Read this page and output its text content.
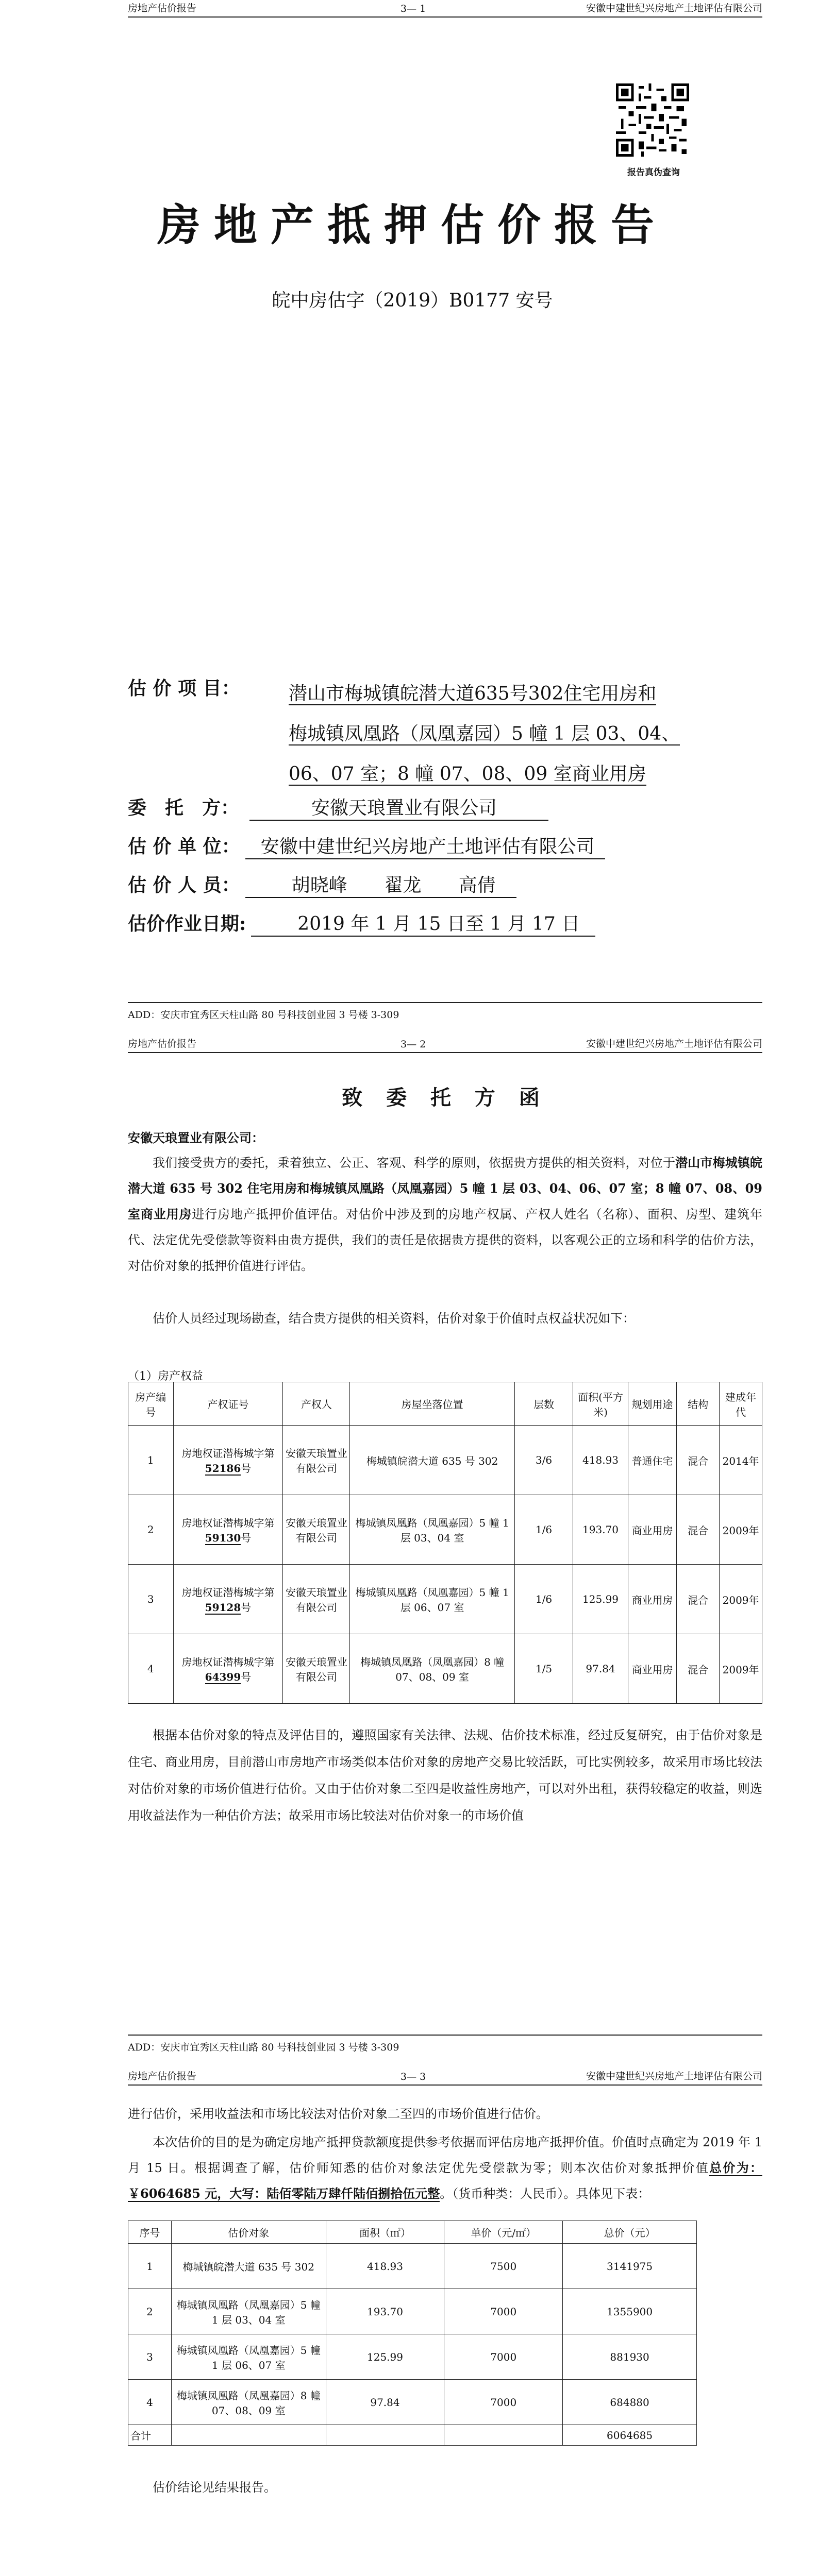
房地产估价报告	3— 1	安徽中建世纪兴房地产土地评估有限公司
报告真伪查询
房地产抵押估价报告
皖中房估字（2019）B0177 安号
估 价 项 目：	潜山市梅城镇皖潜大道635号302住宅用房和
梅城镇凤凰路（凤凰嘉园）5 幢 1 层 03、04、
06、07 室；8 幢 07、08、09 室商业用房
委　托　方：	安徽天琅置业有限公司
估 价 单 位：	安徽中建世纪兴房地产土地评估有限公司
估 价 人 员：	胡晓峰　　翟龙　　高倩
估价作业日期:	2019 年 1 月 15 日至 1 月 17 日
ADD：安庆市宜秀区天柱山路 80 号科技创业园 3 号楼 3-309
房地产估价报告	3— 2	安徽中建世纪兴房地产土地评估有限公司
致 委 托 方 函
安徽天琅置业有限公司：
我们接受贵方的委托，秉着独立、公正、客观、科学的原则，依据贵方提供的相关资料，对位于潜山市梅城镇皖潜大道 635 号 302 住宅用房和梅城镇凤凰路（凤凰嘉园）5 幢 1 层 03、04、06、07 室；8 幢 07、08、09 室商业用房进行房地产抵押价值评估。对估价中涉及到的房地产权属、产权人姓名（名称）、面积、房型、建筑年代、法定优先受偿款等资料由贵方提供，我们的责任是依据贵方提供的资料，以客观公正的立场和科学的估价方法，对估价对象的抵押价值进行评估。
估价人员经过现场勘查，结合贵方提供的相关资料，估价对象于价值时点权益状况如下：
（1）房产权益
房产编号	产权证号	产权人	房屋坐落位置	层数	面积(平方米)	规划用途	结构	建成年代
1	房地权证潜梅城字第52186号	安徽天琅置业有限公司	梅城镇皖潜大道 635 号 302	3/6	418.93	普通住宅	混合	2014年
2	房地权证潜梅城字第59130号	安徽天琅置业有限公司	梅城镇凤凰路（凤凰嘉园）5 幢 1 层 03、04 室	1/6	193.70	商业用房	混合	2009年
3	房地权证潜梅城字第59128号	安徽天琅置业有限公司	梅城镇凤凰路（凤凰嘉园）5 幢 1 层 06、07 室	1/6	125.99	商业用房	混合	2009年
4	房地权证潜梅城字第64399号	安徽天琅置业有限公司	梅城镇凤凰路（凤凰嘉园）8 幢 07、08、09 室	1/5	97.84	商业用房	混合	2009年
根据本估价对象的特点及评估目的，遵照国家有关法律、法规、估价技术标准，经过反复研究，由于估价对象是住宅、商业用房，目前潜山市房地产市场类似本估价对象的房地产交易比较活跃，可比实例较多，故采用市场比较法对估价对象的市场价值进行估价。又由于估价对象二至四是收益性房地产，可以对外出租，获得较稳定的收益，则选用收益法作为一种估价方法；故采用市场比较法对估价对象一的市场价值
ADD：安庆市宜秀区天柱山路 80 号科技创业园 3 号楼 3-309
房地产估价报告	3— 3	安徽中建世纪兴房地产土地评估有限公司
进行估价，采用收益法和市场比较法对估价对象二至四的市场价值进行估价。
本次估价的目的是为确定房地产抵押贷款额度提供参考依据而评估房地产抵押价值。价值时点确定为 2019 年 1 月 15 日。根据调查了解，估价师知悉的估价对象法定优先受偿款为零；则本次估价对象抵押价值总价为：￥6064685 元，大写：陆佰零陆万肆仟陆佰捌拾伍元整。（货币种类：人民币）。具体见下表：
序号	估价对象	面积（㎡）	单价（元/㎡）	总价（元）
1	梅城镇皖潜大道 635 号 302	418.93	7500	3141975
2	梅城镇凤凰路（凤凰嘉园）5 幢 1 层 03、04 室	193.70	7000	1355900
3	梅城镇凤凰路（凤凰嘉园）5 幢 1 层 06、07 室	125.99	7000	881930
4	梅城镇凤凰路（凤凰嘉园）8 幢 07、08、09 室	97.84	7000	684880
合计				6064685
估价结论见结果报告。
